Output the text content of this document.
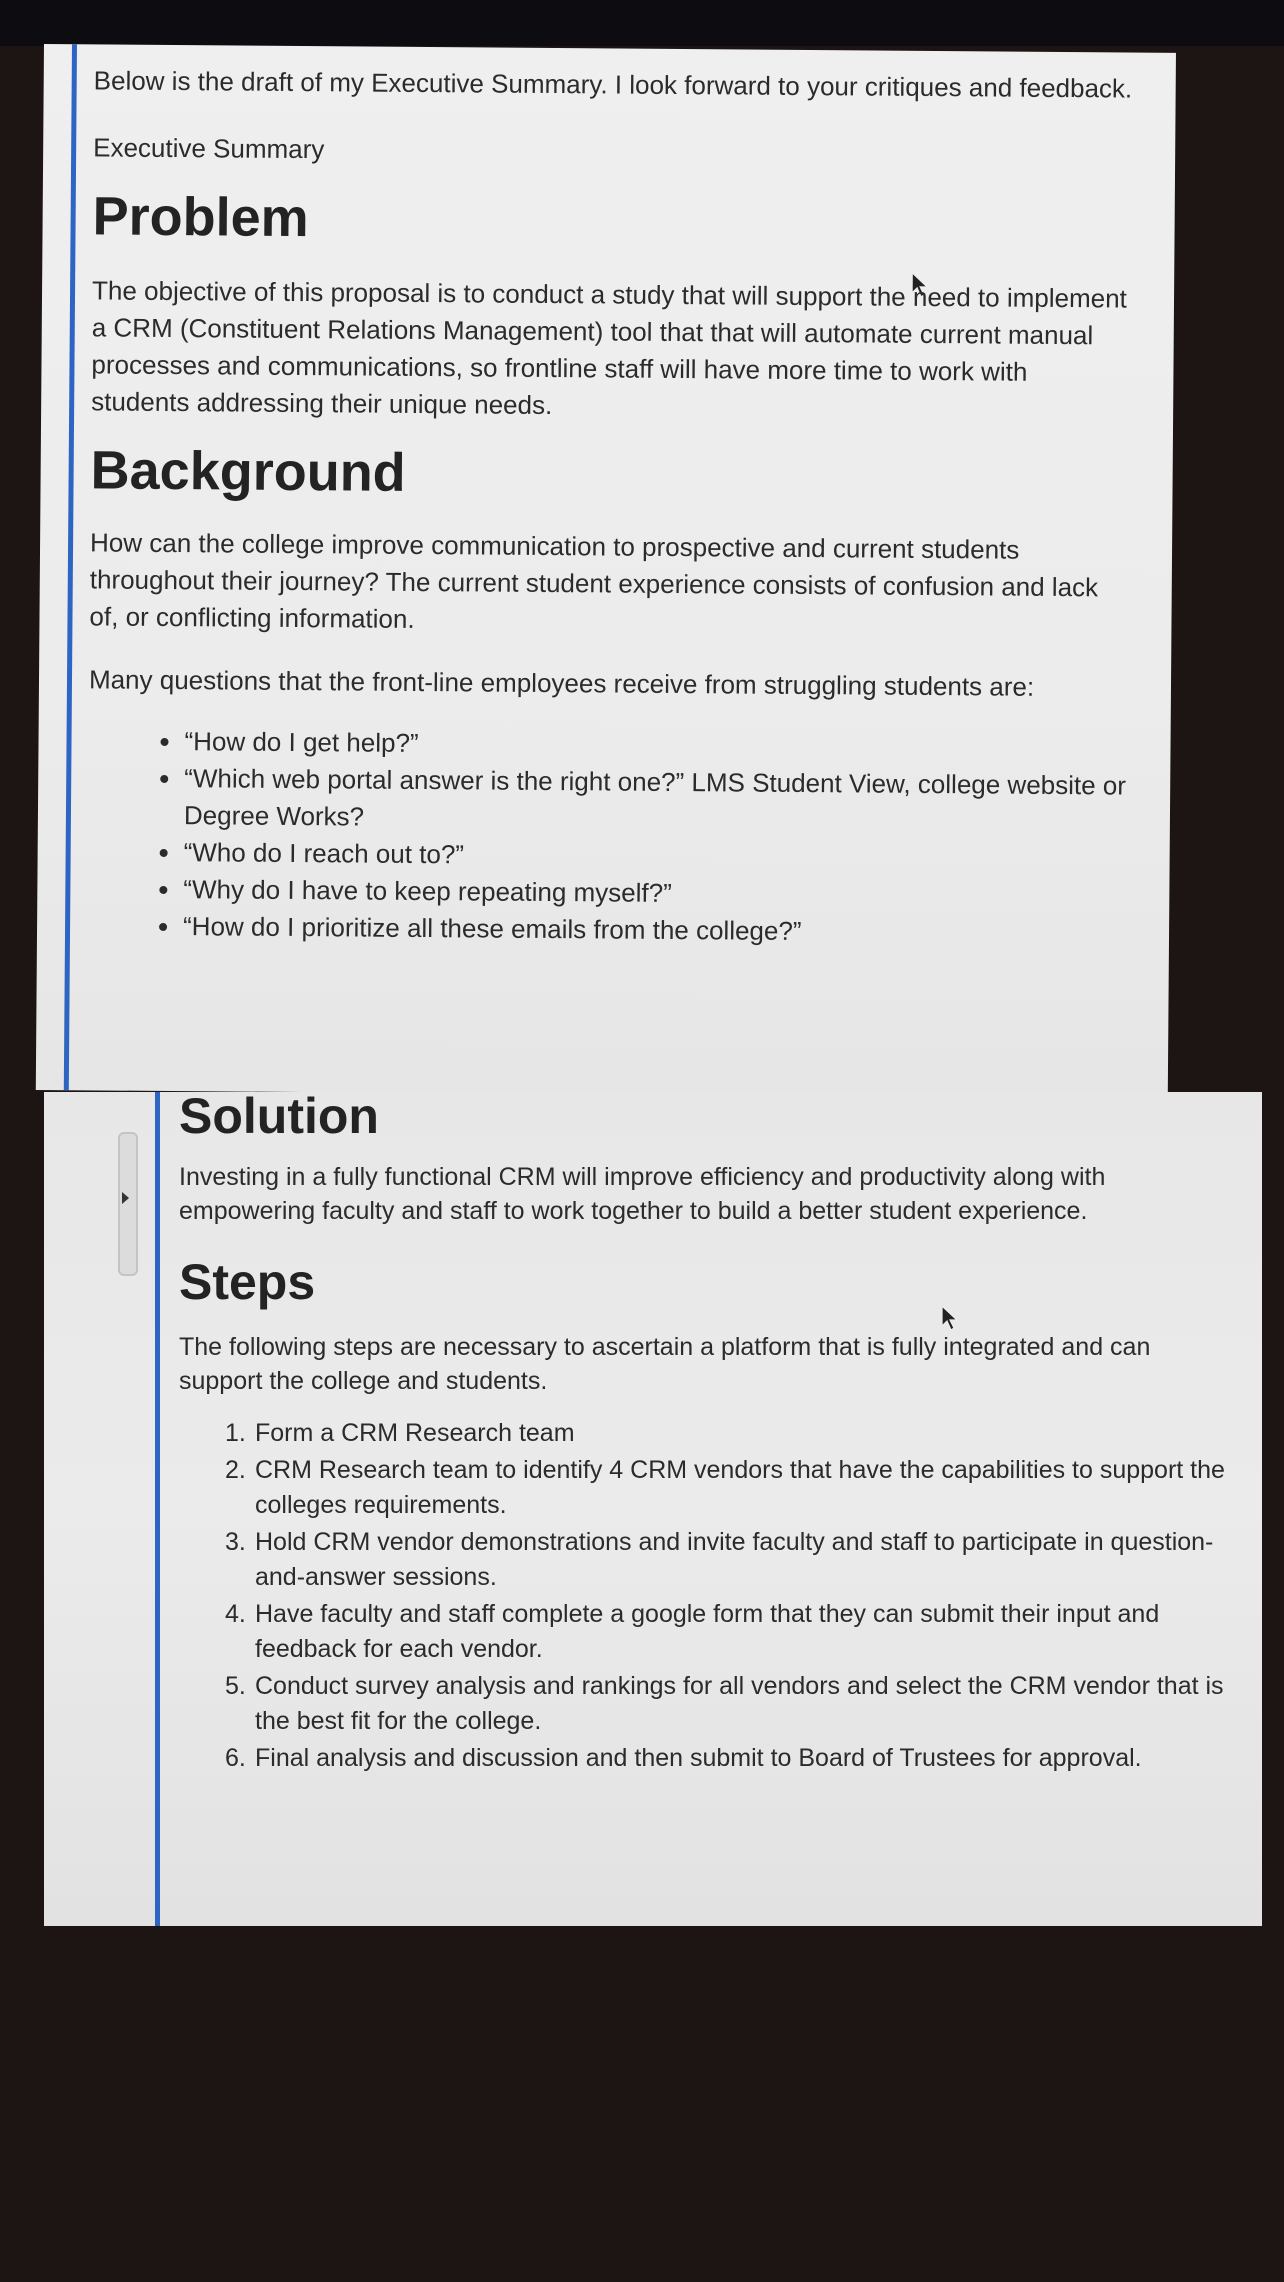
Below is the draft of my Executive Summary. I look forward to your critiques and feedback.

Executive Summary

Problem

The objective of this proposal is to conduct a study that will support the need to implement a CRM (Constituent Relations Management) tool that that will automate current manual processes and communications, so frontline staff will have more time to work with students addressing their unique needs.

Background

How can the college improve communication to prospective and current students throughout their journey? The current student experience consists of confusion and lack of, or conflicting information.

Many questions that the front-line employees receive from struggling students are:

“How do I get help?”
“Which web portal answer is the right one?” LMS Student View, college website or Degree Works?
“Who do I reach out to?”
“Why do I have to keep repeating myself?”
“How do I prioritize all these emails from the college?”
Solution

Investing in a fully functional CRM will improve efficiency and productivity along with empowering faculty and staff to work together to build a better student experience.

Steps

The following steps are necessary to ascertain a platform that is fully integrated and can support the college and students.

1. Form a CRM Research team
2. CRM Research team to identify 4 CRM vendors that have the capabilities to support the colleges requirements.
3. Hold CRM vendor demonstrations and invite faculty and staff to participate in question-and-answer sessions.
4. Have faculty and staff complete a google form that they can submit their input and feedback for each vendor.
5. Conduct survey analysis and rankings for all vendors and select the CRM vendor that is the best fit for the college.
6. Final analysis and discussion and then submit to Board of Trustees for approval.
